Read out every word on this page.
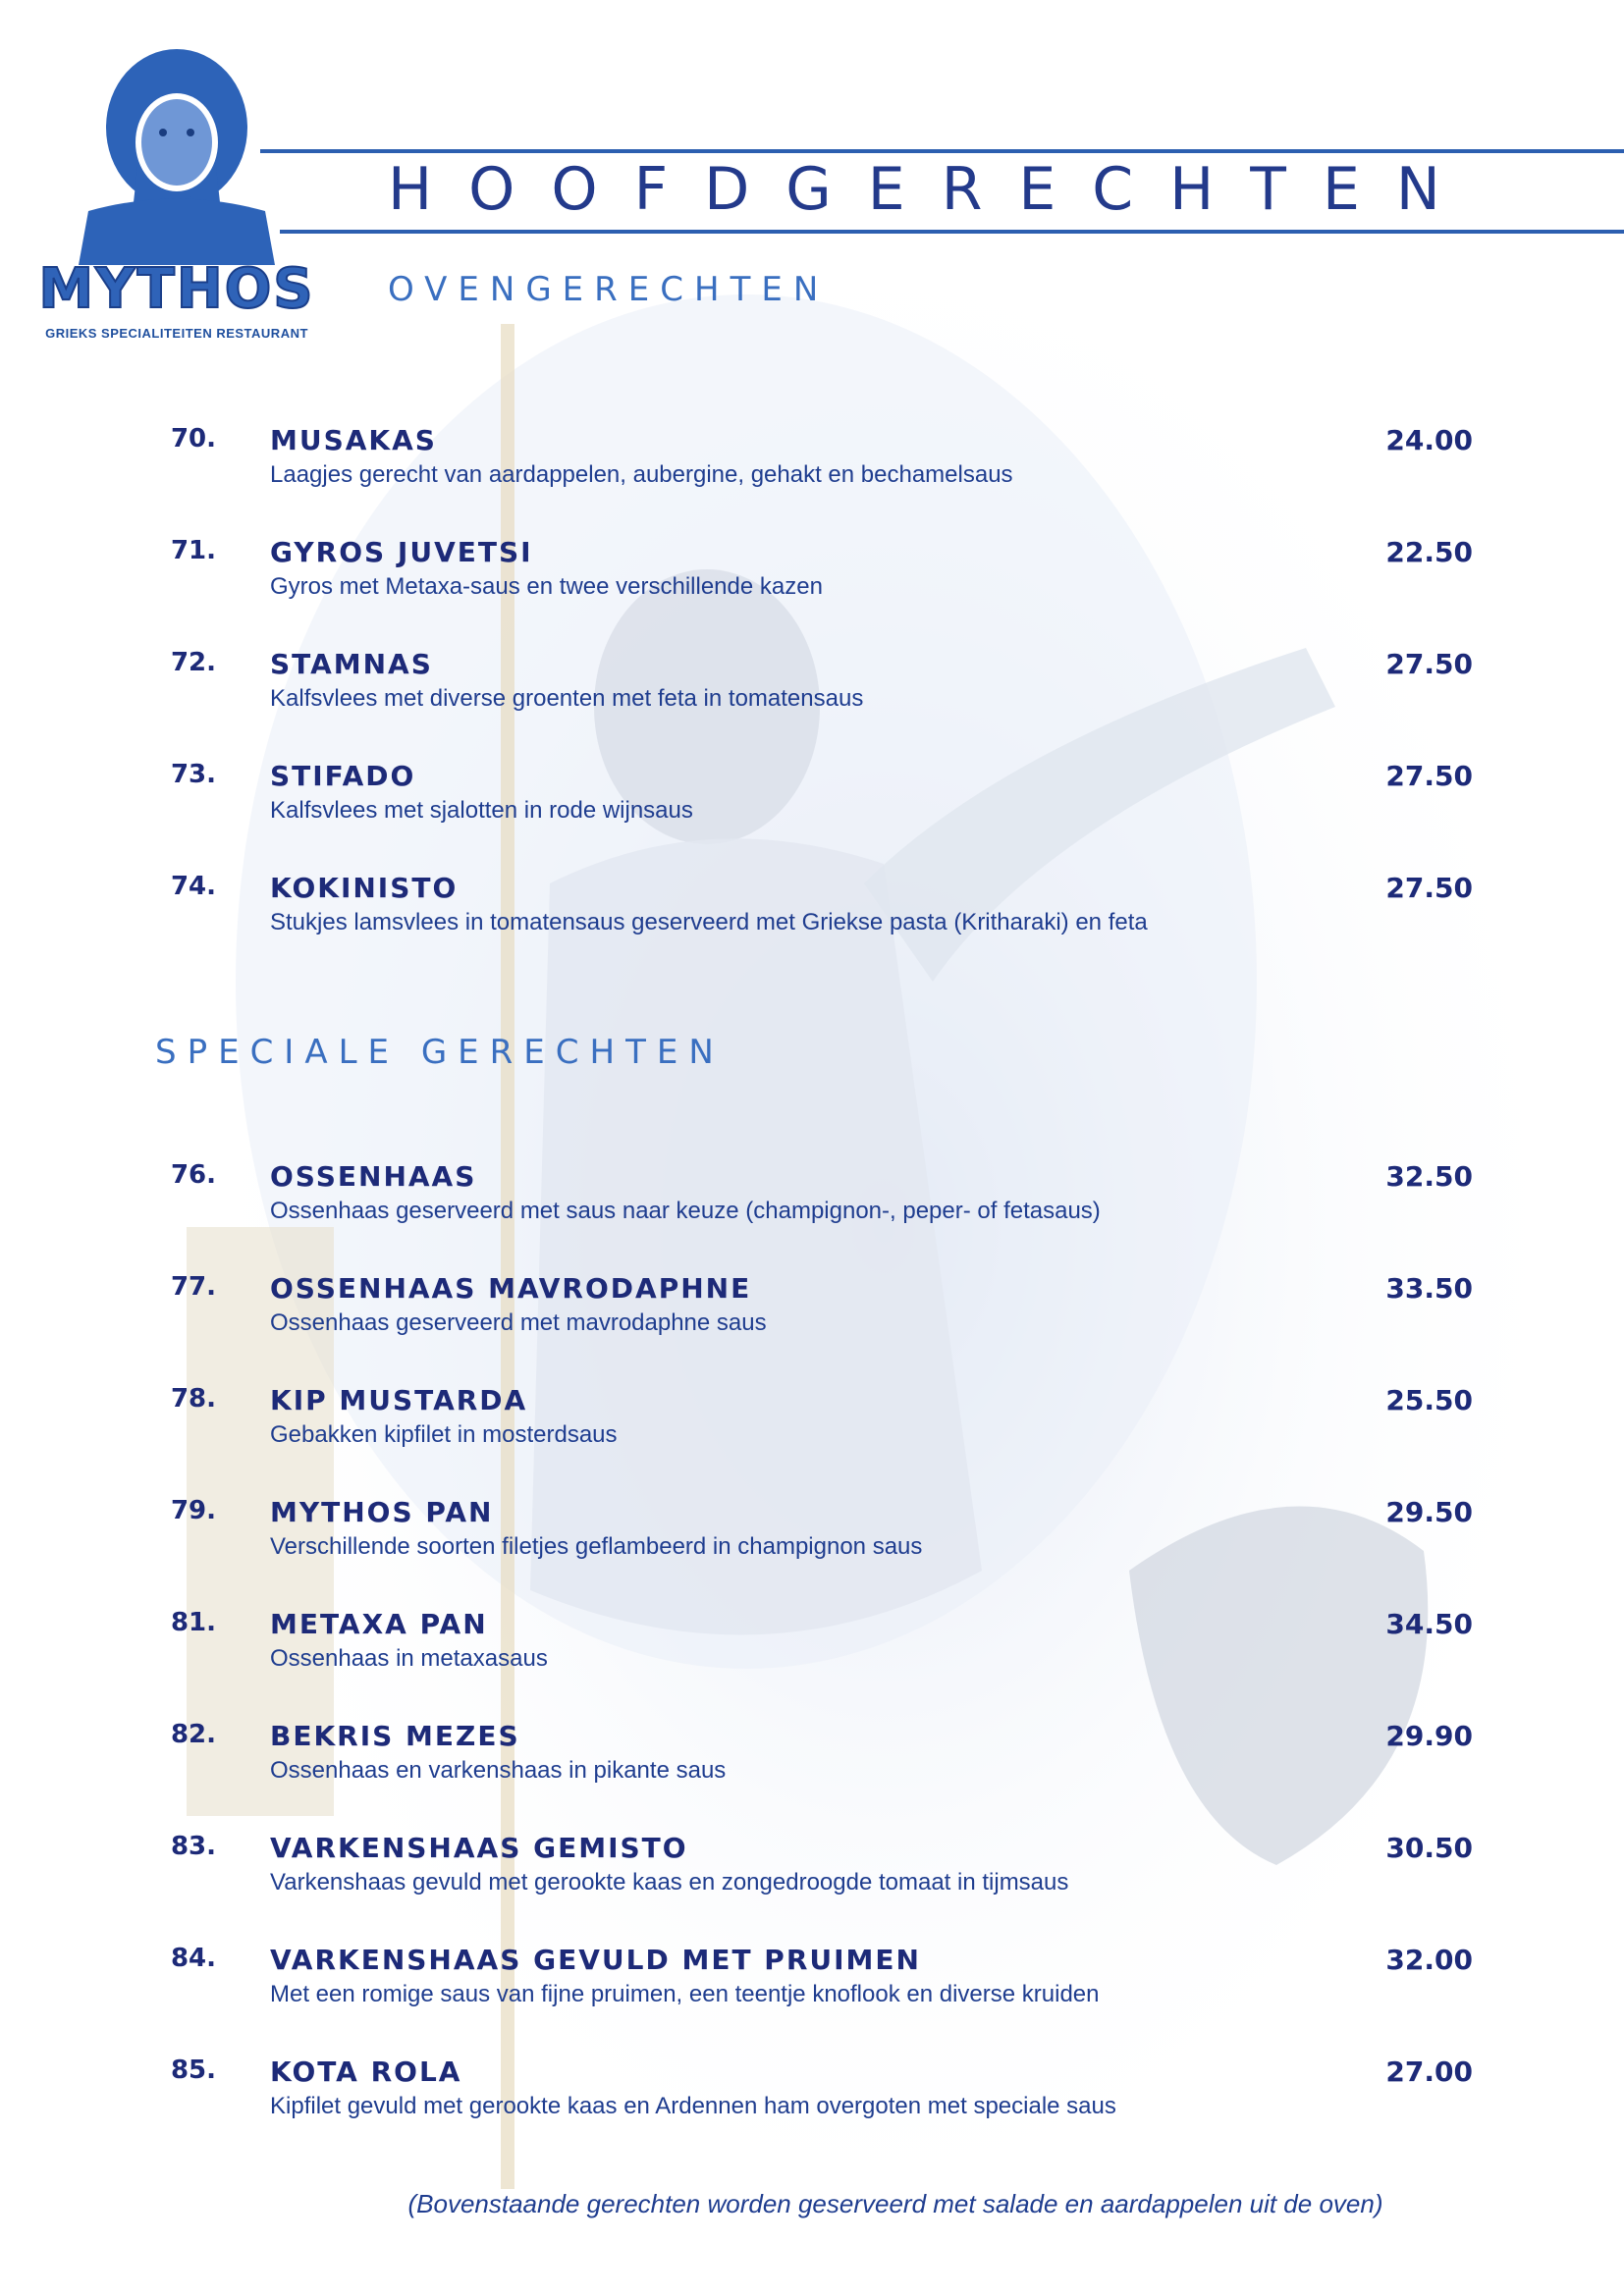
MYTHOS
GRIEKS SPECIALITEITEN RESTAURANT
HOOFDGERECHTEN
OVENGERECHTEN
70. MUSAKAS
Laagjes gerecht van aardappelen, aubergine, gehakt en bechamelsaus
24.00
71. GYROS JUVETSI
Gyros met Metaxa-saus en twee verschillende kazen
22.50
72. STAMNAS
Kalfsvlees met diverse groenten met feta in tomatensaus
27.50
73. STIFADO
Kalfsvlees met sjalotten in rode wijnsaus
27.50
74. KOKINISTO
Stukjes lamsvlees in tomatensaus geserveerd met Griekse pasta (Kritharaki) en feta
27.50
SPECIALE GERECHTEN
76. OSSENHAAS
Ossenhaas geserveerd met saus naar keuze (champignon-, peper- of fetasaus)
32.50
77. OSSENHAAS MAVRODAPHNE
Ossenhaas geserveerd met mavrodaphne saus
33.50
78. KIP MUSTARDA
Gebakken kipfilet in mosterdsaus
25.50
79. MYTHOS PAN
Verschillende soorten filetjes geflambeerd in champignon saus
29.50
81. METAXA PAN
Ossenhaas in metaxasaus
34.50
82. BEKRIS MEZES
Ossenhaas en varkenshaas in pikante saus
29.90
83. VARKENSHAAS GEMISTO
Varkenshaas gevuld met gerookte kaas en zongedroogde tomaat in tijmsaus
30.50
84. VARKENSHAAS GEVULD MET PRUIMEN
Met een romige saus van fijne pruimen, een teentje knoflook en diverse kruiden
32.00
85. KOTA ROLA
Kipfilet gevuld met gerookte kaas en Ardennen ham overgoten met speciale saus
27.00
(Bovenstaande gerechten worden geserveerd met salade en aardappelen uit de oven)
